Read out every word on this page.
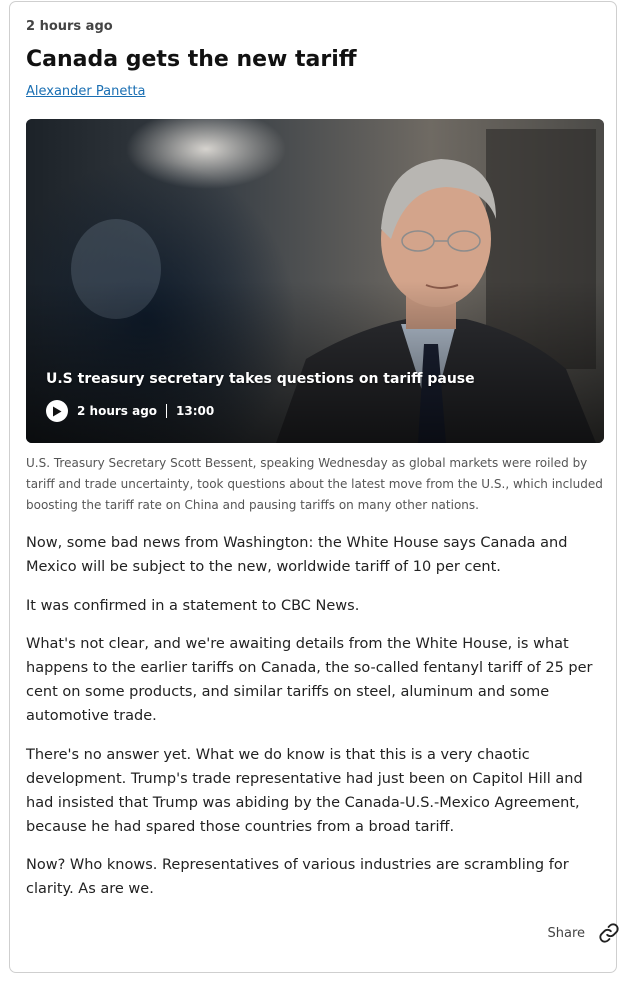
2 hours ago
Canada gets the new tariff
Alexander Panetta
U.S treasury secretary takes questions on tariff pause
2 hours ago 13:00
U.S. Treasury Secretary Scott Bessent, speaking Wednesday as global markets were roiled by tariff and trade uncertainty, took questions about the latest move from the U.S., which included boosting the tariff rate on China and pausing tariffs on many other nations.

Now, some bad news from Washington: the White House says Canada and Mexico will be subject to the new, worldwide tariff of 10 per cent.

It was confirmed in a statement to CBC News.

What's not clear, and we're awaiting details from the White House, is what happens to the earlier tariffs on Canada, the so-called fentanyl tariff of 25 per cent on some products, and similar tariffs on steel, aluminum and some automotive trade.

There's no answer yet. What we do know is that this is a very chaotic development. Trump's trade representative had just been on Capitol Hill and had insisted that Trump was abiding by the Canada-U.S.-Mexico Agreement, because he had spared those countries from a broad tariff.

Now? Who knows. Representatives of various industries are scrambling for clarity. As are we.

Share
